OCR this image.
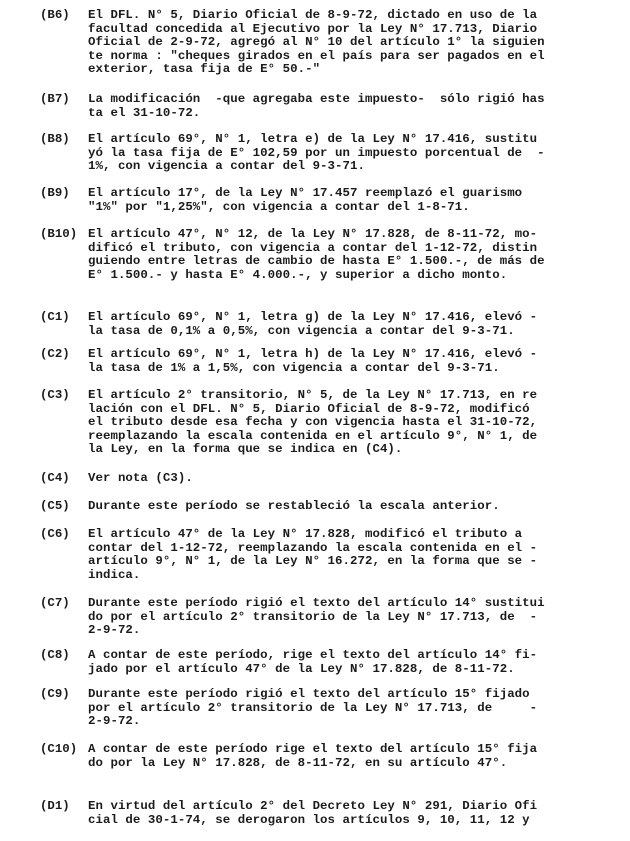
(B6) El DFL. N° 5, Diario Oficial de 8-9-72, dictado en uso de la
facultad concedida al Ejecutivo por la Ley N° 17.713, Diario
Oficial de 2-9-72, agregó al N° 10 del artículo 1° la siguien
te norma : "cheques girados en el país para ser pagados en el
exterior, tasa fija de E° 50.-"
(B7) La modificación  -que agregaba este impuesto-  sólo rigió has
ta el 31-10-72.
(B8) El artículo 69°, N° 1, letra e) de la Ley N° 17.416, sustitu
yó la tasa fija de E° 102,59 por un impuesto porcentual de  -
1%, con vigencia a contar del 9-3-71.
(B9) El artículo 17°, de la Ley N° 17.457 reemplazó el guarismo
"1%" por "1,25%", con vigencia a contar del 1-8-71.
(B10) El artículo 47°, N° 12, de la Ley N° 17.828, de 8-11-72, mo-
dificó el tributo, con vigencia a contar del 1-12-72, distin
guiendo entre letras de cambio de hasta E° 1.500.-, de más de
E° 1.500.- y hasta E° 4.000.-, y superior a dicho monto.
(C1) El artículo 69°, N° 1, letra g) de la Ley N° 17.416, elevó -
la tasa de 0,1% a 0,5%, con vigencia a contar del 9-3-71.
(C2) El artículo 69°, N° 1, letra h) de la Ley N° 17.416, elevó -
la tasa de 1% a 1,5%, con vigencia a contar del 9-3-71.
(C3) El artículo 2° transitorio, N° 5, de la Ley N° 17.713, en re
lación con el DFL. N° 5, Diario Oficial de 8-9-72, modificó
el tributo desde esa fecha y con vigencia hasta el 31-10-72,
reemplazando la escala contenida en el artículo 9°, N° 1, de
la Ley, en la forma que se indica en (C4).
(C4) Ver nota (C3).
(C5) Durante este período se restableció la escala anterior.
(C6) El artículo 47° de la Ley N° 17.828, modificó el tributo a
contar del 1-12-72, reemplazando la escala contenida en el -
artículo 9°, N° 1, de la Ley N° 16.272, en la forma que se -
indica.
(C7) Durante este período rigió el texto del artículo 14° sustitui
do por el artículo 2° transitorio de la Ley N° 17.713, de  -
2-9-72.
(C8) A contar de este período, rige el texto del artículo 14° fi-
jado por el artículo 47° de la Ley N° 17.828, de 8-11-72.
(C9) Durante este período rigió el texto del artículo 15° fijado
por el artículo 2° transitorio de la Ley N° 17.713, de     -
2-9-72.
(C10) A contar de este período rige el texto del artículo 15° fija
do por la Ley N° 17.828, de 8-11-72, en su artículo 47°.
(D1) En virtud del artículo 2° del Decreto Ley N° 291, Diario Ofi
cial de 30-1-74, se derogaron los artículos 9, 10, 11, 12 y
